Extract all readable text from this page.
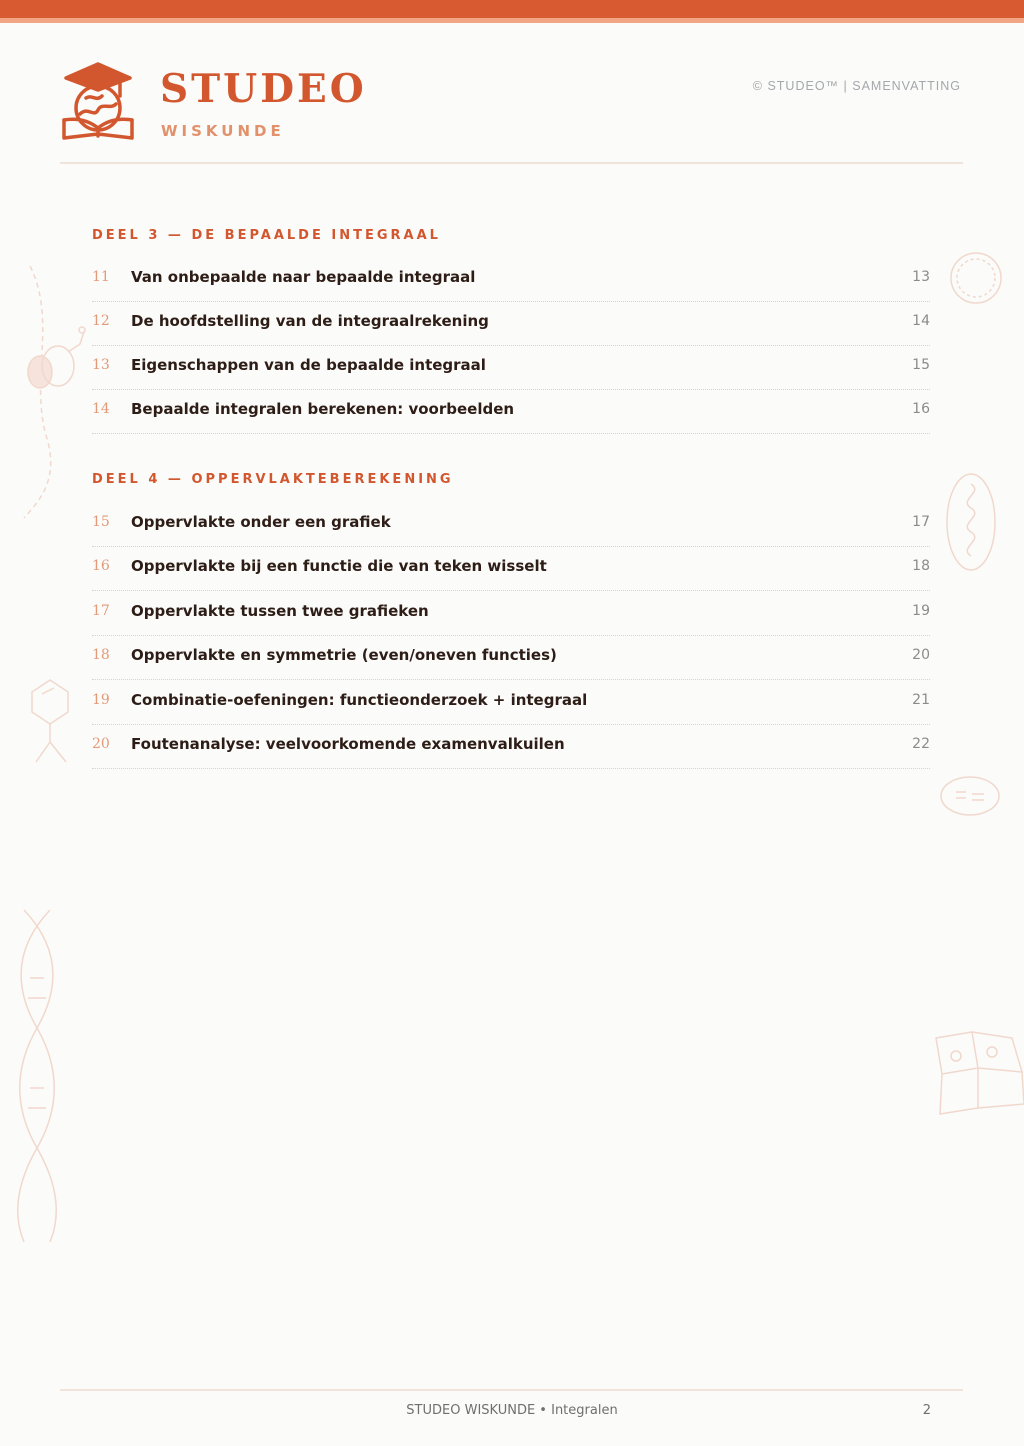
STUDEO
WISKUNDE
© STUDEO™ | SAMENVATTING
DEEL 3 — DE BEPAALDE INTEGRAAL
11	Van onbepaalde naar bepaalde integraal	13
12	De hoofdstelling van de integraalrekening	14
13	Eigenschappen van de bepaalde integraal	15
14	Bepaalde integralen berekenen: voorbeelden	16
DEEL 4 — OPPERVLAKTEBEREKENING
15	Oppervlakte onder een grafiek	17
16	Oppervlakte bij een functie die van teken wisselt	18
17	Oppervlakte tussen twee grafieken	19
18	Oppervlakte en symmetrie (even/oneven functies)	20
19	Combinatie-oefeningen: functieonderzoek + integraal	21
20	Foutenanalyse: veelvoorkomende examenvalkuilen	22
STUDEO WISKUNDE • Integralen	2
